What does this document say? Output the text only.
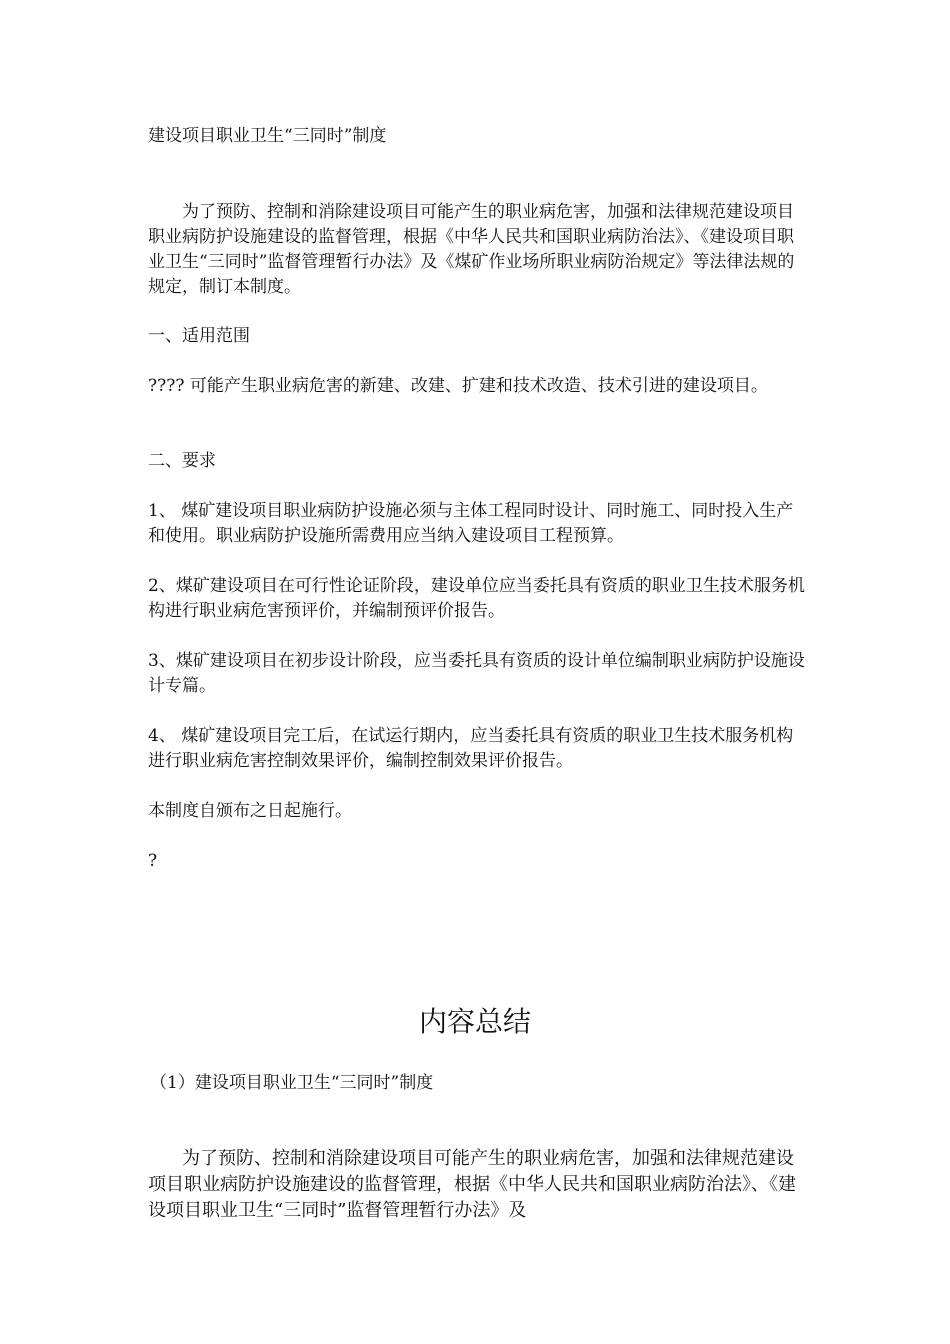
建设项目职业卫生“三同时”制度

为了预防、控制和消除建设项目可能产生的职业病危害，加强和法律规范建设项目职业病防护设施建设的监督管理，根据《中华人民共和国职业病防治法》、《建设项目职业卫生“三同时”监督管理暂行办法》及《煤矿作业场所职业病防治规定》等法律法规的规定，制订本制度。

一、适用范围

???? 可能产生职业病危害的新建、改建、扩建和技术改造、技术引进的建设项目。

二、要求

1、 煤矿建设项目职业病防护设施必须与主体工程同时设计、同时施工、同时投入生产和使用。职业病防护设施所需费用应当纳入建设项目工程预算。

2、煤矿建设项目在可行性论证阶段，建设单位应当委托具有资质的职业卫生技术服务机构进行职业病危害预评价，并编制预评价报告。

3、煤矿建设项目在初步设计阶段，应当委托具有资质的设计单位编制职业病防护设施设计专篇。

4、 煤矿建设项目完工后，在试运行期内，应当委托具有资质的职业卫生技术服务机构进行职业病危害控制效果评价，编制控制效果评价报告。

本制度自颁布之日起施行。

?

内容总结

（1）建设项目职业卫生“三同时”制度

为了预防、控制和消除建设项目可能产生的职业病危害，加强和法律规范建设项目职业病防护设施建设的监督管理，根据《中华人民共和国职业病防治法》、《建设项目职业卫生“三同时”监督管理暂行办法》及
